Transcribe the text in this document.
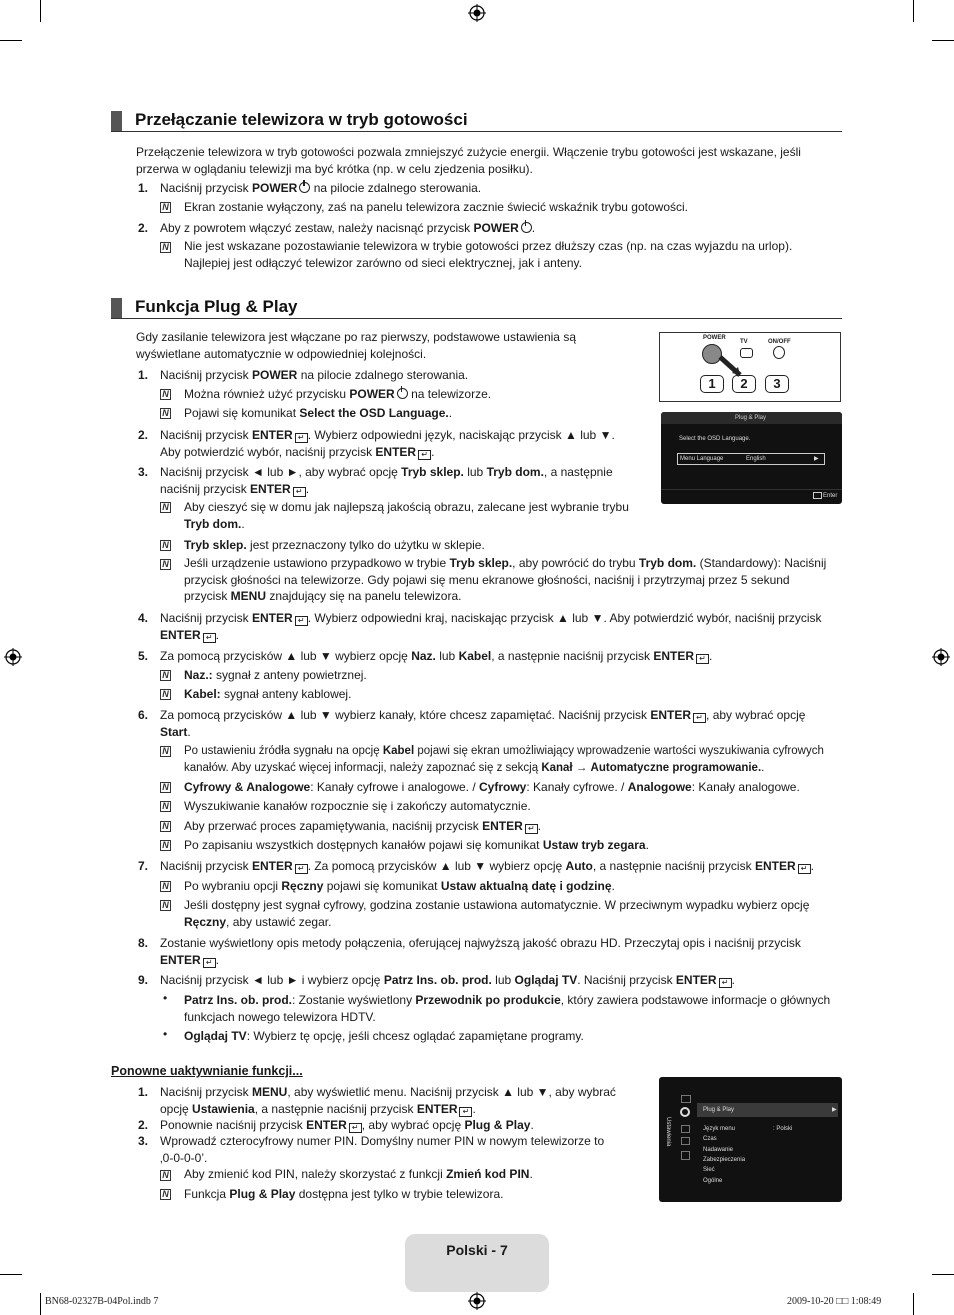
Przełączanie telewizora w tryb gotowości
Przełączenie telewizora w tryb gotowości pozwala zmniejszyć zużycie energii. Włączenie trybu gotowości jest wskazane, jeśli
przerwa w oglądaniu telewizji ma być krótka (np. w celu zjedzenia posiłku).
1. Naciśnij przycisk POWER na pilocie zdalnego sterowania.
N Ekran zostanie wyłączony, zaś na panelu telewizora zacznie świecić wskaźnik trybu gotowości.
2. Aby z powrotem włączyć zestaw, należy nacisnąć przycisk POWER .
N Nie jest wskazane pozostawianie telewizora w trybie gotowości przez dłuższy czas (np. na czas wyjazdu na urlop).
Najlepiej jest odłączyć telewizor zarówno od sieci elektrycznej, jak i anteny.
Funkcja Plug & Play
Gdy zasilanie telewizora jest włączane po raz pierwszy, podstawowe ustawienia są
wyświetlane automatycznie w odpowiedniej kolejności.
POWER
TV	ON/OFF
1	2	3
Plug & Play
Select the OSD Language.
Menu Language	English	▶
Enter
1. Naciśnij przycisk POWER na pilocie zdalnego sterowania.
N Można również użyć przycisku POWER na telewizorze.
N Pojawi się komunikat Select the OSD Language..
2. Naciśnij przycisk ENTER ↵ . Wybierz odpowiedni język, naciskając przycisk ▲ lub ▼.
Aby potwierdzić wybór, naciśnij przycisk ENTER ↵ .
3. Naciśnij przycisk ◄ lub ►, aby wybrać opcję Tryb sklep. lub Tryb dom., a następnie
naciśnij przycisk ENTER ↵ .
N Aby cieszyć się w domu jak najlepszą jakością obrazu, zalecane jest wybranie trybu
Tryb dom..
N Tryb sklep. jest przeznaczony tylko do użytku w sklepie.
N Jeśli urządzenie ustawiono przypadkowo w trybie Tryb sklep., aby powrócić do trybu Tryb dom. (Standardowy): Naciśnij
przycisk głośności na telewizorze. Gdy pojawi się menu ekranowe głośności, naciśnij i przytrzymaj przez 5 sekund
przycisk MENU znajdujący się na panelu telewizora.
4. Naciśnij przycisk ENTER ↵ . Wybierz odpowiedni kraj, naciskając przycisk ▲ lub ▼. Aby potwierdzić wybór, naciśnij przycisk
ENTER ↵ .
5. Za pomocą przycisków ▲ lub ▼ wybierz opcję Naz. lub Kabel, a następnie naciśnij przycisk ENTER ↵ .
N Naz.: sygnał z anteny powietrznej.
N Kabel: sygnał anteny kablowej.
6. Za pomocą przycisków ▲ lub ▼ wybierz kanały, które chcesz zapamiętać. Naciśnij przycisk ENTER ↵ , aby wybrać opcję
Start.
N Po ustawieniu źródła sygnału na opcję Kabel pojawi się ekran umożliwiający wprowadzenie wartości wyszukiwania cyfrowych
kanałów. Aby uzyskać więcej informacji, należy zapoznać się z sekcją Kanał → Automatyczne programowanie..
N Cyfrowy & Analogowe: Kanały cyfrowe i analogowe. / Cyfrowy: Kanały cyfrowe. / Analogowe: Kanały analogowe.
N Wyszukiwanie kanałów rozpocznie się i zakończy automatycznie.
N Aby przerwać proces zapamiętywania, naciśnij przycisk ENTER ↵ .
N Po zapisaniu wszystkich dostępnych kanałów pojawi się komunikat Ustaw tryb zegara.
7. Naciśnij przycisk ENTER ↵ . Za pomocą przycisków ▲ lub ▼ wybierz opcję Auto, a następnie naciśnij przycisk ENTER ↵ .
N Po wybraniu opcji Ręczny pojawi się komunikat Ustaw aktualną datę i godzinę.
N Jeśli dostępny jest sygnał cyfrowy, godzina zostanie ustawiona automatycznie. W przeciwnym wypadku wybierz opcję
Ręczny, aby ustawić zegar.
8. Zostanie wyświetlony opis metody połączenia, oferującej najwyższą jakość obrazu HD. Przeczytaj opis i naciśnij przycisk
ENTER ↵ .
9. Naciśnij przycisk ◄ lub ► i wybierz opcję Patrz Ins. ob. prod. lub Oglądaj TV. Naciśnij przycisk ENTER ↵ .
• Patrz Ins. ob. prod.: Zostanie wyświetlony Przewodnik po produkcie, który zawiera podstawowe informacje o głównych
funkcjach nowego telewizora HDTV.
• Oglądaj TV: Wybierz tę opcję, jeśli chcesz oglądać zapamiętane programy.
Ponowne uaktywnianie funkcji...
1. Naciśnij przycisk MENU, aby wyświetlić menu. Naciśnij przycisk ▲ lub ▼, aby wybrać
opcję Ustawienia, a następnie naciśnij przycisk ENTER ↵ .
2. Ponownie naciśnij przycisk ENTER ↵ , aby wybrać opcję Plug & Play.
3. Wprowadź czterocyfrowy numer PIN. Domyślny numer PIN w nowym telewizorze to
‚0-0-0-0’.
N Aby zmienić kod PIN, należy skorzystać z funkcji Zmień kod PIN.
N Funkcja Plug & Play dostępna jest tylko w trybie telewizora.
Ustawienia
Plug & Play	▶
Język menu	: Polski
Czas
Nadawanie
Zabezpieczenia
Sieć
Ogólne
Polski - 7
BN68-02327B-04Pol.indb 7	2009-10-20 □□ 1:08:49
